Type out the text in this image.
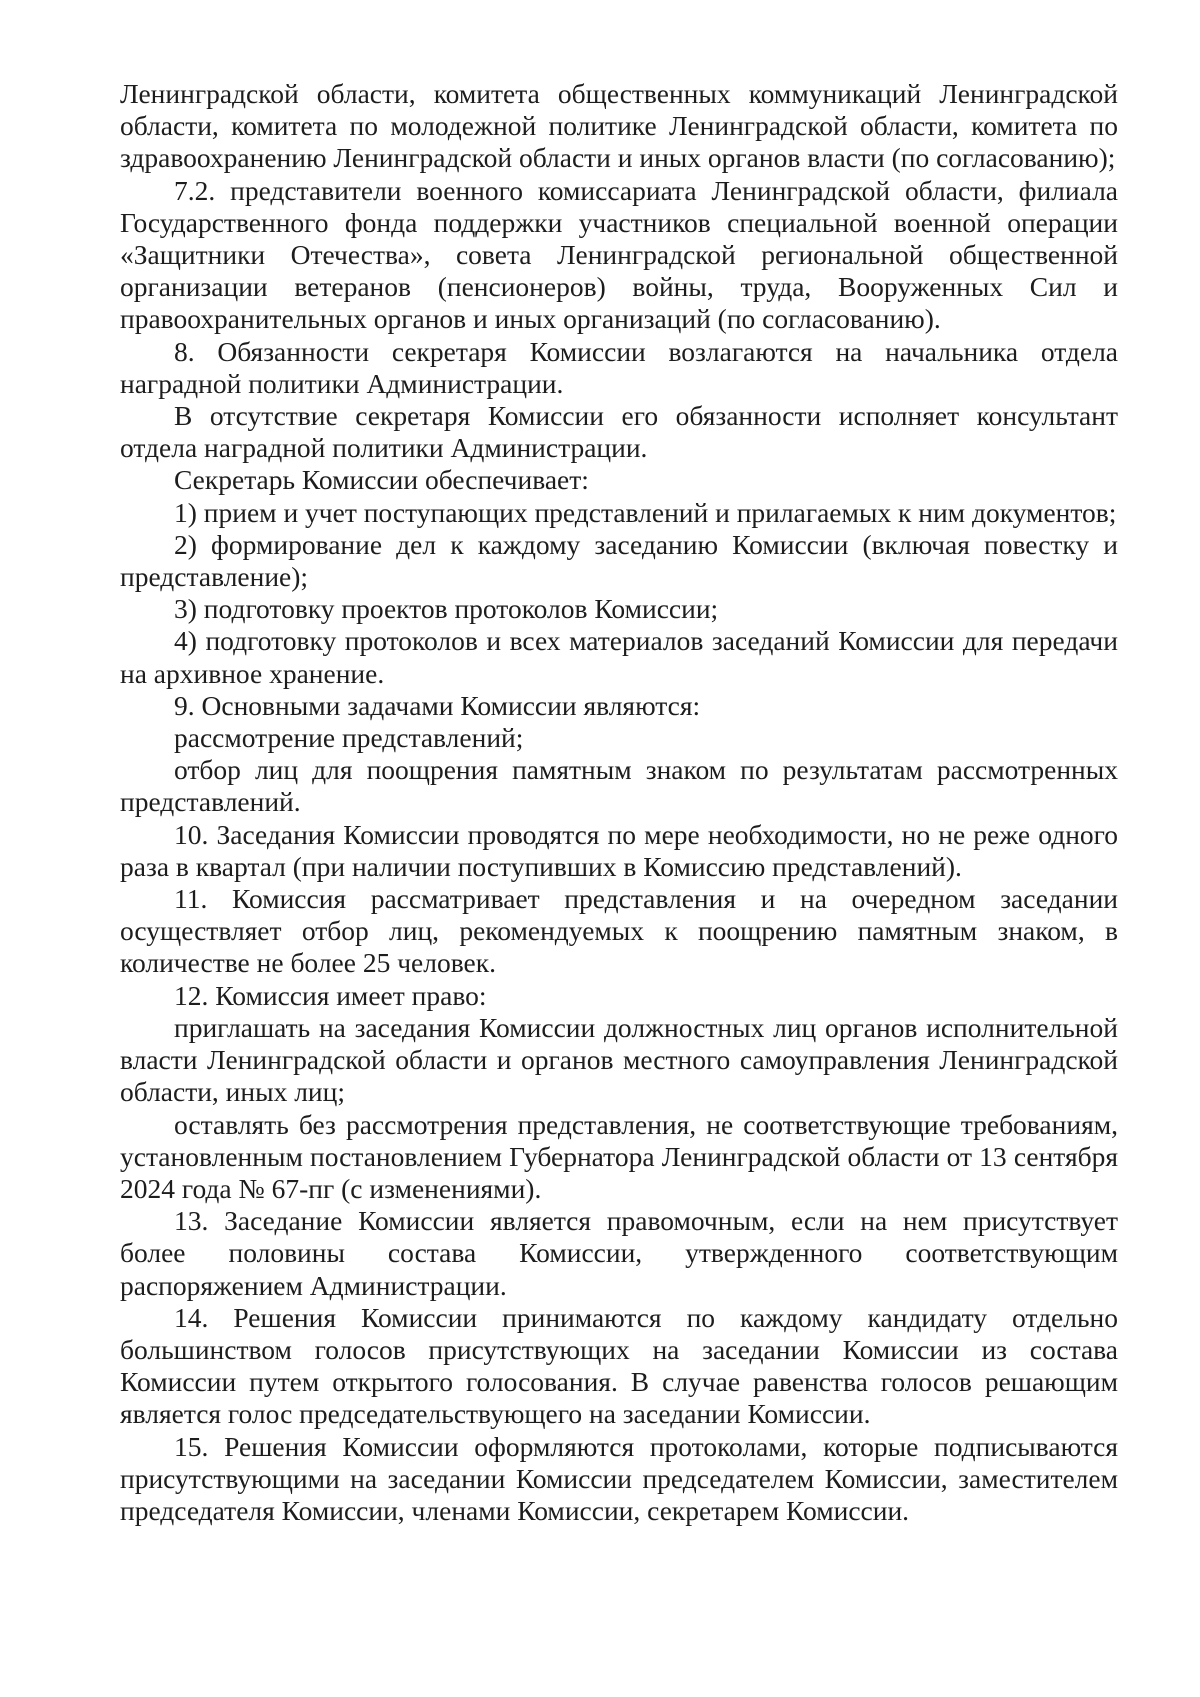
Ленинградской области, комитета общественных коммуникаций Ленинградской области, комитета по молодежной политике Ленинградской области, комитета по здравоохранению Ленинградской области и иных органов власти (по согласованию);

7.2. представители военного комиссариата Ленинградской области, филиала Государственного фонда поддержки участников специальной военной операции «Защитники Отечества», совета Ленинградской региональной общественной организации ветеранов (пенсионеров) войны, труда, Вооруженных Сил и правоохранительных органов и иных организаций (по согласованию).

8. Обязанности секретаря Комиссии возлагаются на начальника отдела наградной политики Администрации.

В отсутствие секретаря Комиссии его обязанности исполняет консультант отдела наградной политики Администрации.

Секретарь Комиссии обеспечивает:

1) прием и учет поступающих представлений и прилагаемых к ним документов;

2) формирование дел к каждому заседанию Комиссии (включая повестку и представление);

3) подготовку проектов протоколов Комиссии;

4) подготовку протоколов и всех материалов заседаний Комиссии для передачи на архивное хранение.

9. Основными задачами Комиссии являются:

рассмотрение представлений;

отбор лиц для поощрения памятным знаком по результатам рассмотренных представлений.

10. Заседания Комиссии проводятся по мере необходимости, но не реже одного раза в квартал (при наличии поступивших в Комиссию представлений).

11. Комиссия рассматривает представления и на очередном заседании осуществляет отбор лиц, рекомендуемых к поощрению памятным знаком, в количестве не более 25 человек.

12. Комиссия имеет право:

приглашать на заседания Комиссии должностных лиц органов исполнительной власти Ленинградской области и органов местного самоуправления Ленинградской области, иных лиц;

оставлять без рассмотрения представления, не соответствующие требованиям, установленным постановлением Губернатора Ленинградской области от 13 сентября 2024 года № 67-пг (с изменениями).

13. Заседание Комиссии является правомочным, если на нем присутствует более половины состава Комиссии, утвержденного соответствующим распоряжением Администрации.

14. Решения Комиссии принимаются по каждому кандидату отдельно большинством голосов присутствующих на заседании Комиссии из состава Комиссии путем открытого голосования. В случае равенства голосов решающим является голос председательствующего на заседании Комиссии.

15. Решения Комиссии оформляются протоколами, которые подписываются присутствующими на заседании Комиссии председателем Комиссии, заместителем председателя Комиссии, членами Комиссии, секретарем Комиссии.
